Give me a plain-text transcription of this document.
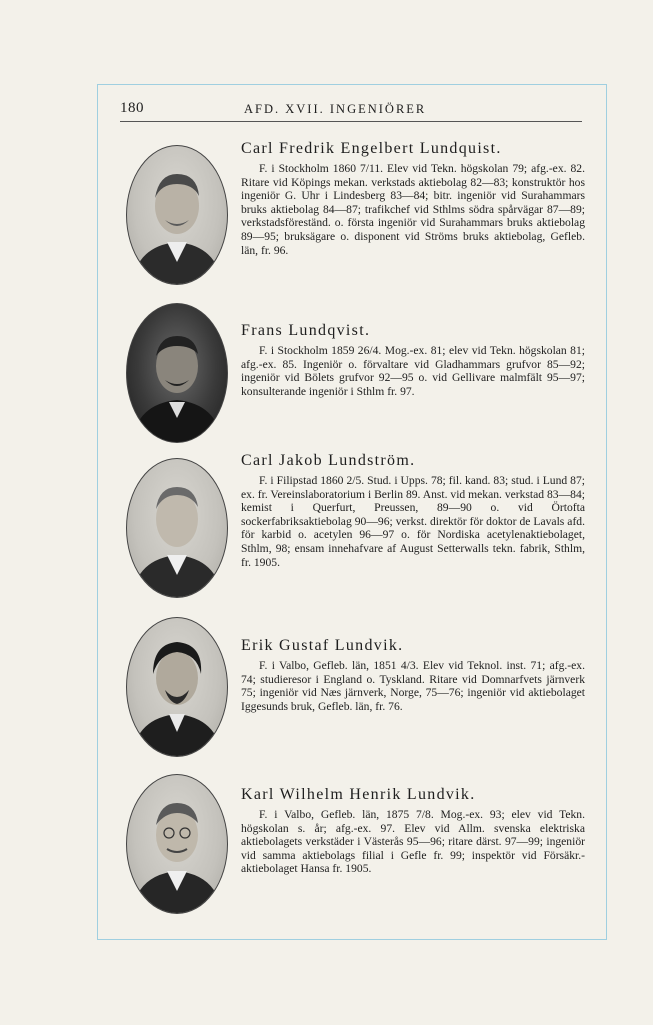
180	AFD. XVII. INGENIÖRER

Carl Fredrik Engelbert Lundquist.

F. i Stockholm 1860 7/11. Elev vid Tekn. högskolan 79; afg.-ex. 82. Ritare vid Köpings mekan. verkstads aktiebolag 82—83; konstruktör hos ingeniör G. Uhr i Lindesberg 83—84; bitr. ingeniör vid Surahammars bruks aktiebolag 84—87; trafikchef vid Sthlms södra spårvägar 87—89; verkstadsföreständ. o. första ingeniör vid Surahammars bruks aktiebolag 89—95; bruksägare o. disponent vid Ströms bruks aktiebolag, Gefleb. län, fr. 96.

Frans Lundqvist.

F. i Stockholm 1859 26/4. Mog.-ex. 81; elev vid Tekn. högskolan 81; afg.-ex. 85. Ingeniör o. förvaltare vid Gladhammars grufvor 85—92; ingeniör vid Bölets grufvor 92—95 o. vid Gellivare malmfält 95—97; konsulterande ingeniör i Sthlm fr. 97.

Carl Jakob Lundström.

F. i Filipstad 1860 2/5. Stud. i Upps. 78; fil. kand. 83; stud. i Lund 87; ex. fr. Vereinslaboratorium i Berlin 89. Anst. vid mekan. verkstad 83—84; kemist i Querfurt, Preussen, 89—90 o. vid Örtofta sockerfabriksaktiebolag 90—96; verkst. direktör för doktor de Lavals afd. för karbid o. acetylen 96—97 o. för Nordiska acetylenaktiebolaget, Sthlm, 98; ensam innehafvare af August Setterwalls tekn. fabrik, Sthlm, fr. 1905.

Erik Gustaf Lundvik.

F. i Valbo, Gefleb. län, 1851 4/3. Elev vid Teknol. inst. 71; afg.-ex. 74; studieresor i England o. Tyskland. Ritare vid Domnarfvets järnverk 75; ingeniör vid Næs järnverk, Norge, 75—76; ingeniör vid aktiebolaget Iggesunds bruk, Gefleb. län, fr. 76.

Karl Wilhelm Henrik Lundvik.

F. i Valbo, Gefleb. län, 1875 7/8. Mog.-ex. 93; elev vid Tekn. högskolan s. år; afg.-ex. 97. Elev vid Allm. svenska elektriska aktiebolagets verkstäder i Västerås 95—96; ritare därst. 97—99; ingeniör vid samma aktiebolags filial i Gefle fr. 99; inspektör vid Försäkr.-aktiebolaget Hansa fr. 1905.
